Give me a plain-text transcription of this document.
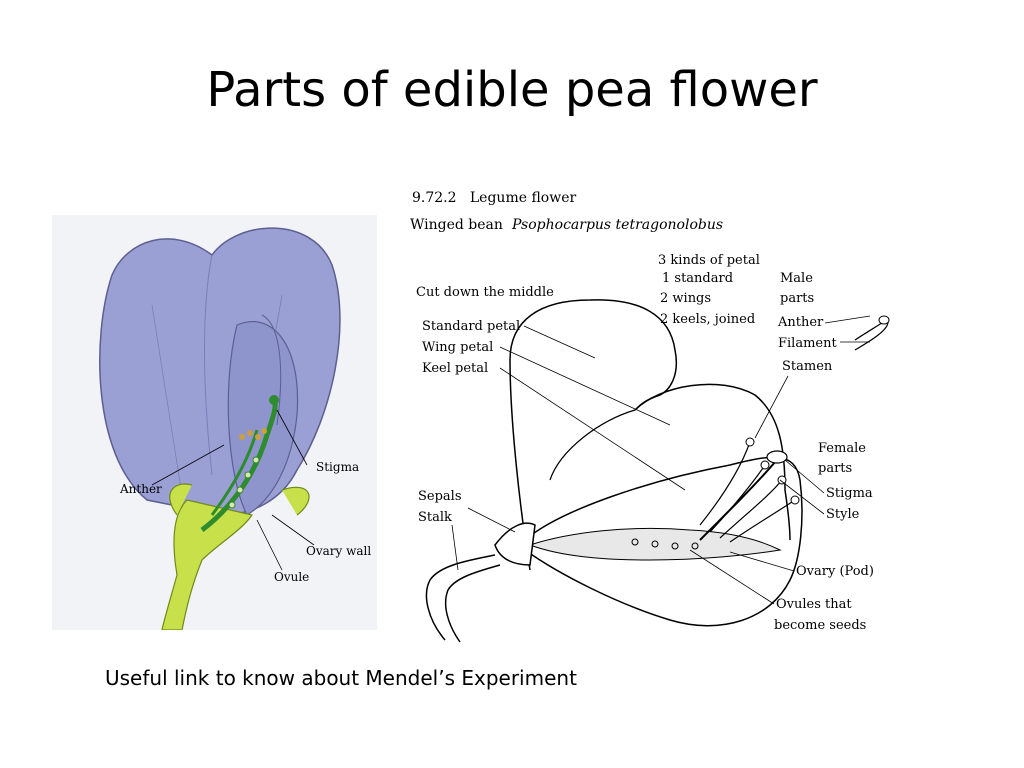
Parts of edible pea flower
Anther
Stigma
Ovary wall
Ovule
9.72.2   Legume flower
Winged bean Psophocarpus tetragonolobus
3 kinds of petal
1 standard
2 wings
2 keels, joined
Male
parts
Cut down the middle
Standard petal
Wing petal
Keel petal
Anther
Filament
Stamen
Female
parts
Stigma
Style
Ovary (Pod)
Ovules that
become seeds
Sepals
Stalk
Useful link to know about Mendel’s Experiment
